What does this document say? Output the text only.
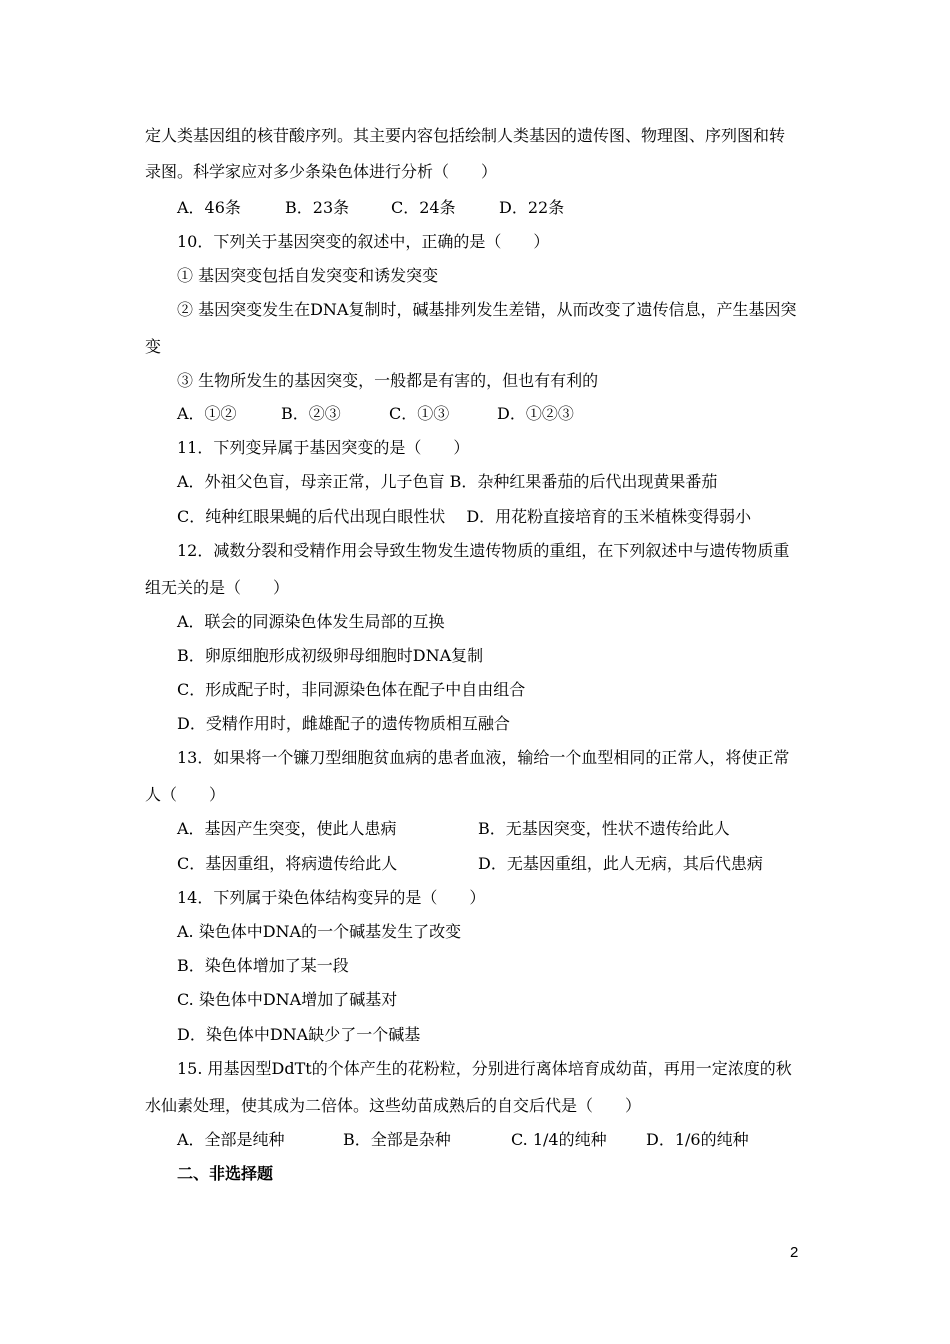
定人类基因组的核苷酸序列。其主要内容包括绘制人类基因的遗传图、物理图、序列图和转
录图。科学家应对多少条染色体进行分析（　　）
A．46条	B．23条	C．24条	D．22条
10．下列关于基因突变的叙述中，正确的是（　　）
① 基因突变包括自发突变和诱发突变
② 基因突变发生在DNA复制时，碱基排列发生差错，从而改变了遗传信息，产生基因突
变
③ 生物所发生的基因突变，一般都是有害的，但也有有利的
A．①②	B．②③	C．①③	D．①②③
11．下列变异属于基因突变的是（　　）
A．外祖父色盲，母亲正常，儿子色盲 B．杂种红果番茄的后代出现黄果番茄
C．纯种红眼果蝇的后代出现白眼性状　 D．用花粉直接培育的玉米植株变得弱小
12．减数分裂和受精作用会导致生物发生遗传物质的重组，在下列叙述中与遗传物质重
组无关的是（　　）
A．联会的同源染色体发生局部的互换
B．卵原细胞形成初级卵母细胞时DNA复制
C．形成配子时，非同源染色体在配子中自由组合
D．受精作用时，雌雄配子的遗传物质相互融合
13．如果将一个镰刀型细胞贫血病的患者血液，输给一个血型相同的正常人，将使正常
人（　　）
A．基因产生突变，使此人患病	B．无基因突变，性状不遗传给此人
C．基因重组，将病遗传给此人	D．无基因重组，此人无病，其后代患病
14．下列属于染色体结构变异的是（　　）
A. 染色体中DNA的一个碱基发生了改变
B．染色体增加了某一段
C. 染色体中DNA增加了碱基对
D．染色体中DNA缺少了一个碱基
15. 用基因型DdTt的个体产生的花粉粒，分别进行离体培育成幼苗，再用一定浓度的秋
水仙素处理，使其成为二倍体。这些幼苗成熟后的自交后代是（　　）
A．全部是纯种	B．全部是杂种	C. 1/4的纯种	D．1/6的纯种
二、非选择题
2
